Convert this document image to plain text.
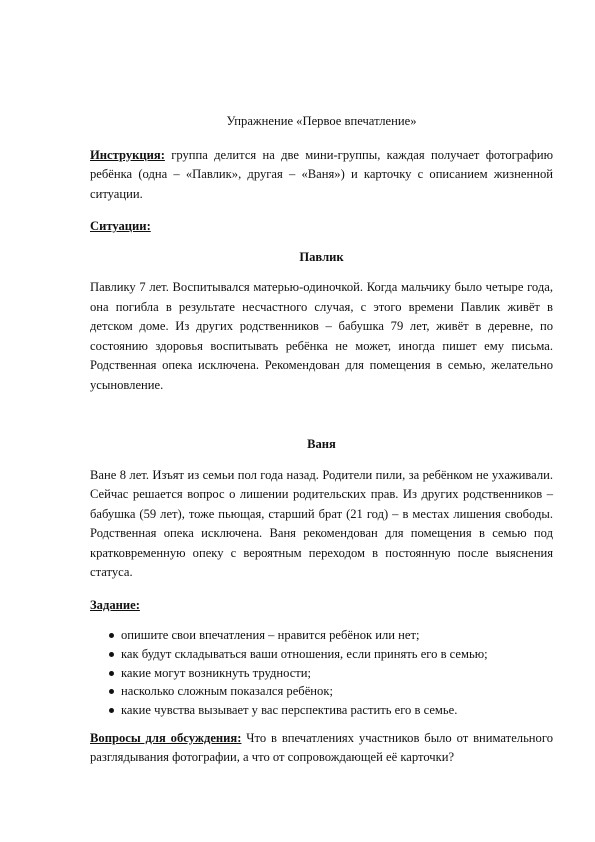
Упражнение «Первое впечатление»

Инструкция: группа делится на две мини-группы, каждая получает фотографию ребёнка (одна – «Павлик», другая – «Ваня») и карточку с описанием жизненной ситуации.

Ситуации:
Павлик

Павлику 7 лет. Воспитывался матерью-одиночкой. Когда мальчику было четыре года, она погибла в результате несчастного случая, с этого времени Павлик живёт в детском доме. Из других родственников – бабушка 79 лет, живёт в деревне, по состоянию здоровья воспитывать ребёнка не может, иногда пишет ему письма. Родственная опека исключена. Рекомендован для помещения в семью, желательно усыновление.

Ваня

Ване 8 лет. Изъят из семьи пол года назад. Родители пили, за ребёнком не ухаживали. Сейчас решается вопрос о лишении родительских прав. Из других родственников – бабушка (59 лет), тоже пьющая, старший брат (21 год) – в местах лишения свободы. Родственная опека исключена. Ваня рекомендован для помещения в семью под кратковременную опеку с вероятным переходом в постоянную после выяснения статуса.

Задание:
опишите свои впечатления – нравится ребёнок или нет;
как будут складываться ваши отношения, если принять его в семью;
какие могут возникнуть трудности;
насколько сложным показался ребёнок;
какие чувства вызывает у вас перспектива растить его в семье.

Вопросы для обсуждения: Что в впечатлениях участников было от внимательного разглядывания фотографии, а что от сопровождающей её карточки?
